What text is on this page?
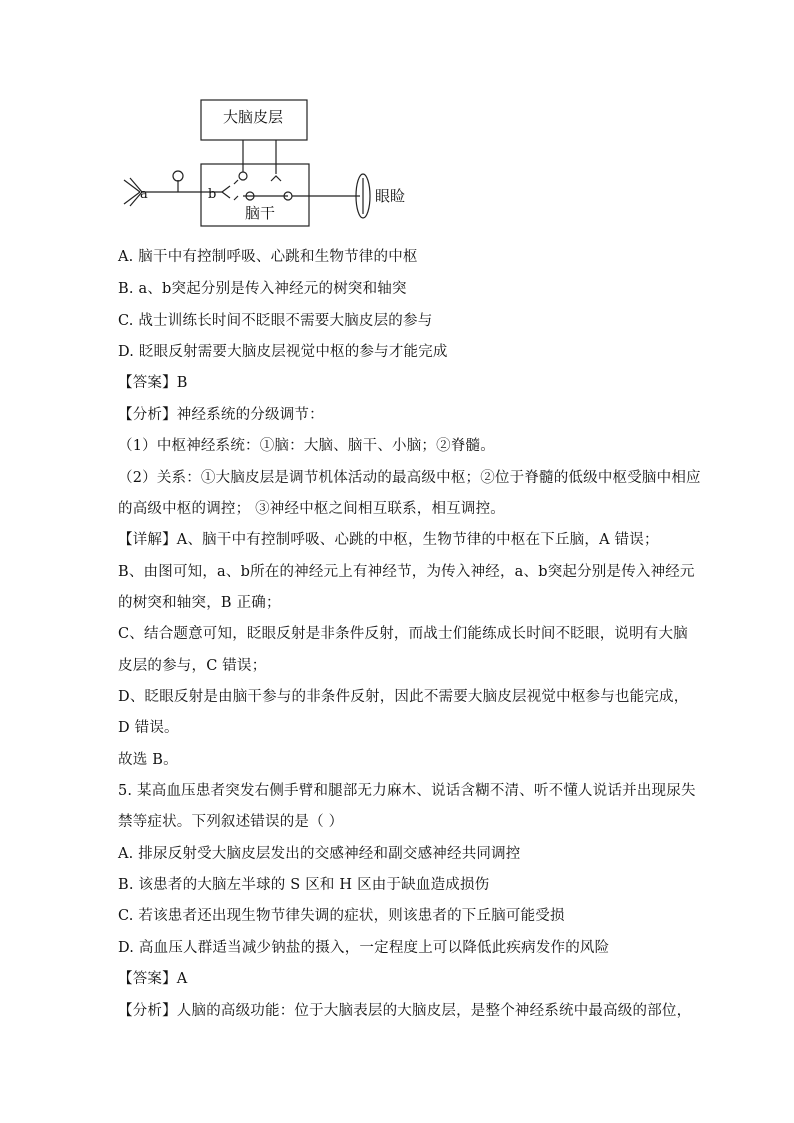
大脑皮层
脑干
a	b	眼睑
A. 脑干中有控制呼吸、心跳和生物节律的中枢
B. a、b突起分别是传入神经元的树突和轴突
C. 战士训练长时间不眨眼不需要大脑皮层的参与
D. 眨眼反射需要大脑皮层视觉中枢的参与才能完成
【答案】B
【分析】神经系统的分级调节：
（1）中枢神经系统：①脑：大脑、脑干、小脑；②脊髓。
（2）关系：①大脑皮层是调节机体活动的最高级中枢；②位于脊髓的低级中枢受脑中相应
的高级中枢的调控； ③神经中枢之间相互联系，相互调控。
【详解】A、脑干中有控制呼吸、心跳的中枢，生物节律的中枢在下丘脑，A 错误；
B、由图可知，a、b所在的神经元上有神经节，为传入神经，a、b突起分别是传入神经元
的树突和轴突，B 正确；
C、结合题意可知，眨眼反射是非条件反射，而战士们能练成长时间不眨眼，说明有大脑
皮层的参与，C 错误；
D、眨眼反射是由脑干参与的非条件反射，因此不需要大脑皮层视觉中枢参与也能完成，
D 错误。
故选 B。
5. 某高血压患者突发右侧手臂和腿部无力麻木、说话含糊不清、听不懂人说话并出现尿失
禁等症状。下列叙述错误的是（ ）
A. 排尿反射受大脑皮层发出的交感神经和副交感神经共同调控
B. 该患者的大脑左半球的 S 区和 H 区由于缺血造成损伤
C. 若该患者还出现生物节律失调的症状，则该患者的下丘脑可能受损
D. 高血压人群适当减少钠盐的摄入，一定程度上可以降低此疾病发作的风险
【答案】A
【分析】人脑的高级功能：位于大脑表层的大脑皮层，是整个神经系统中最高级的部位，
